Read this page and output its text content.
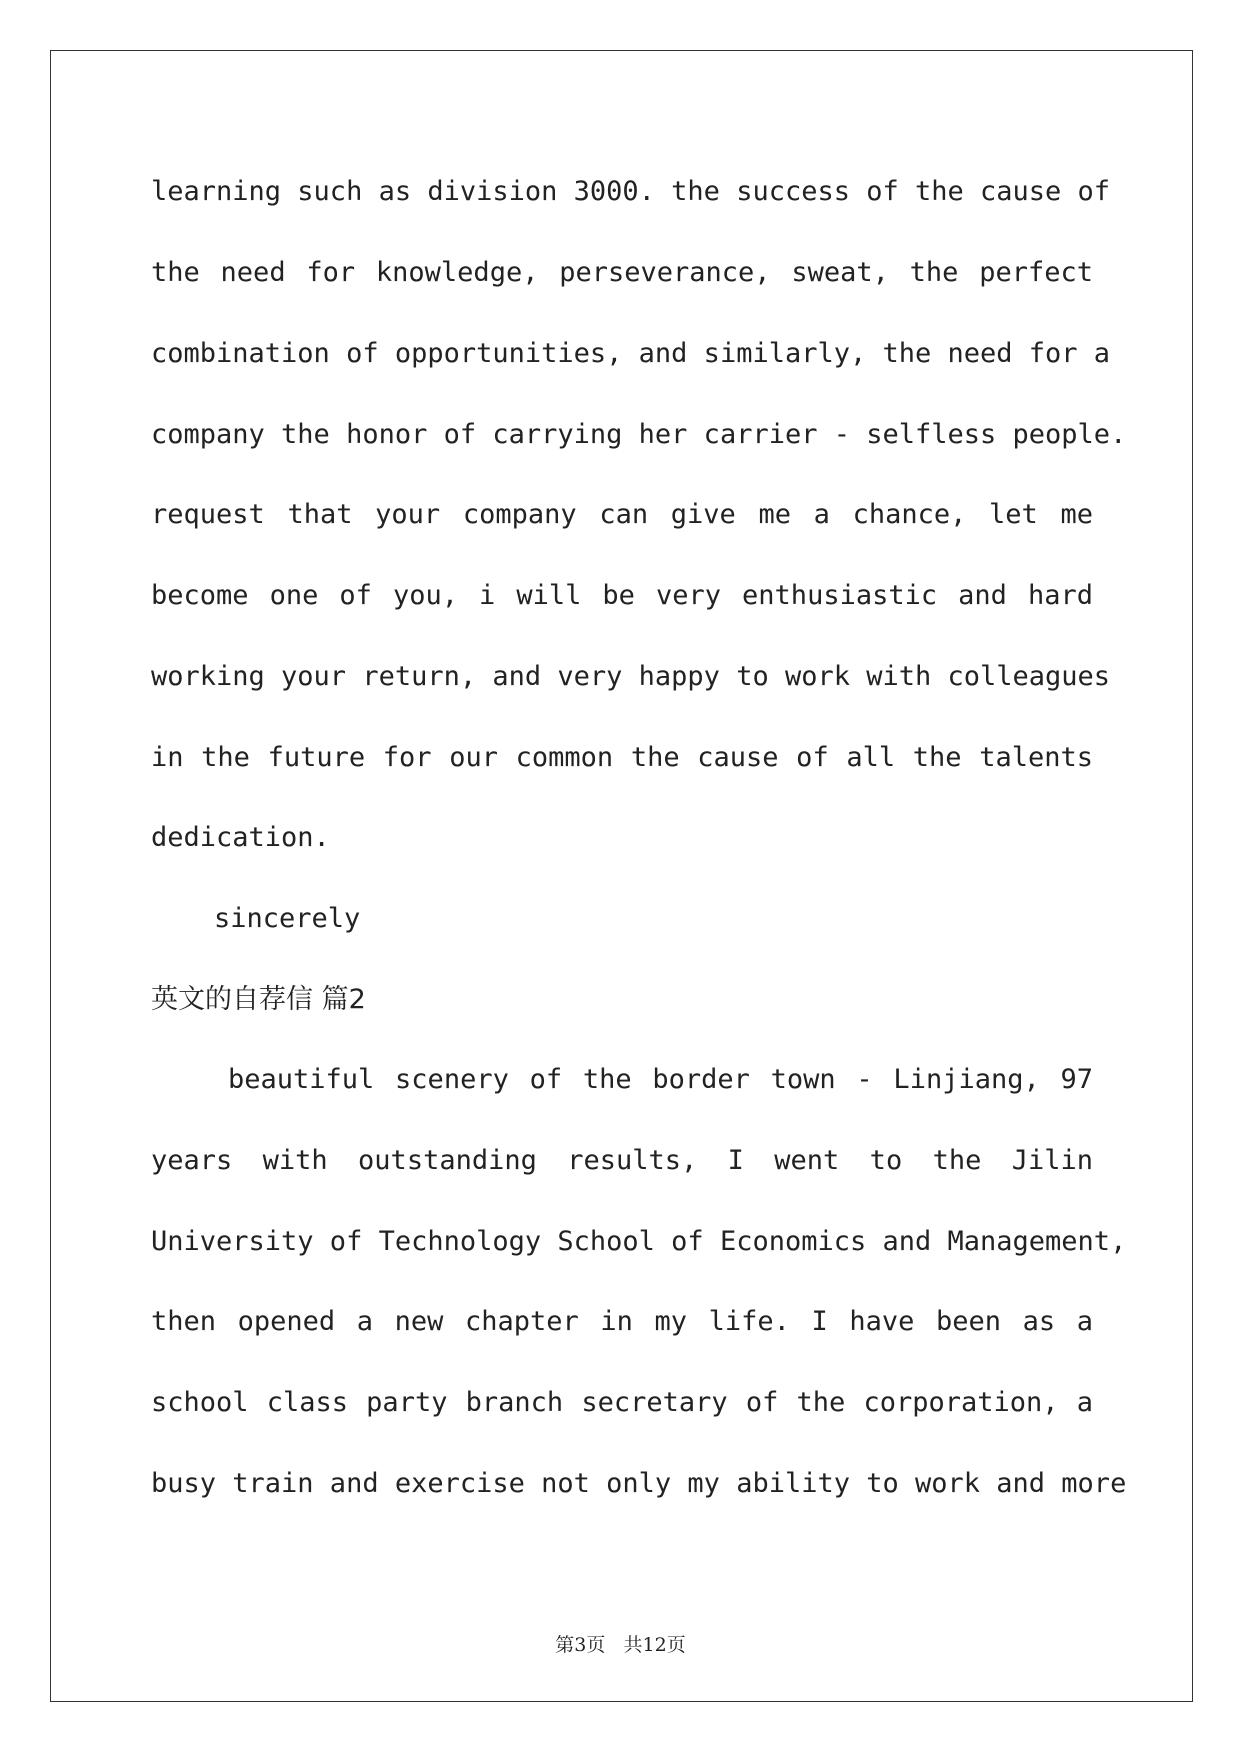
learning such as division 3000. the success of the cause of
the need for knowledge, perseverance, sweat, the perfect
combination of opportunities, and similarly, the need for a
company the honor of carrying her carrier - selfless people.
request that your company can give me a chance, let me
become one of you, i will be very enthusiastic and hard
working your return, and very happy to work with colleagues
in the future for our common the cause of all the talents
dedication.
sincerely
英文的自荐信 篇2
beautiful scenery of the border town - Linjiang, 97
years with outstanding results, I went to the Jilin
University of Technology School of Economics and Management,
then opened a new chapter in my life. I have been as a
school class party branch secretary of the corporation, a
busy train and exercise not only my ability to work and more
第3页 共12页
